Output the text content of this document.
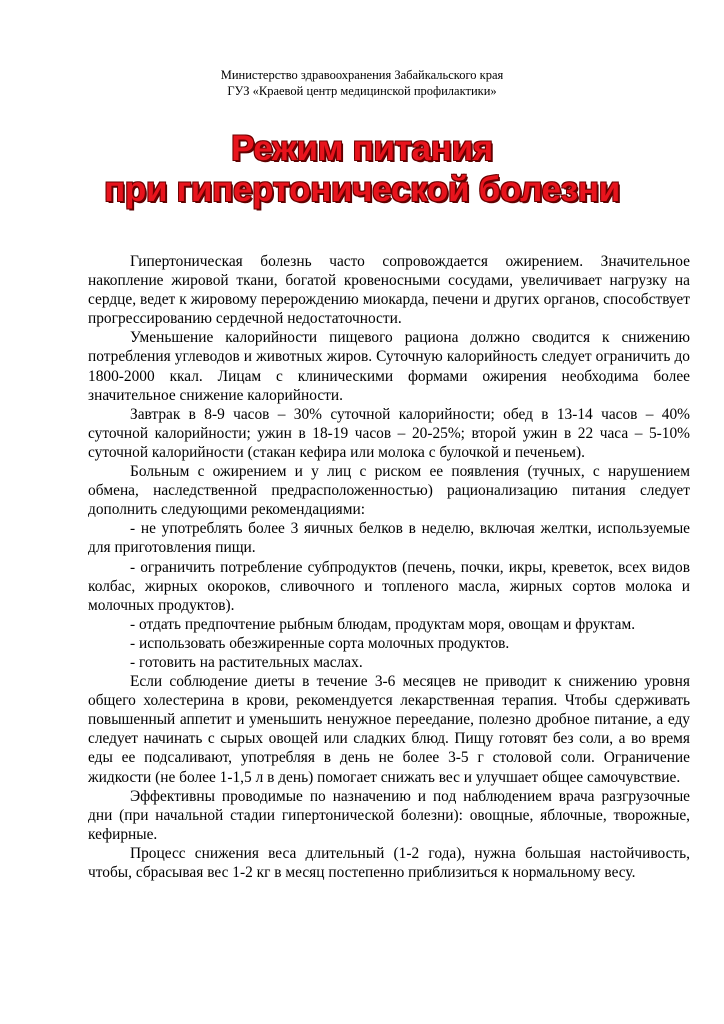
Министерство здравоохранения Забайкальского края
ГУЗ «Краевой центр медицинской профилактики»
Режим питания
при гипертонической болезни

Гипертоническая болезнь часто сопровождается ожирением. Значительное накопление жировой ткани, богатой кровеносными сосудами, увеличивает нагрузку на сердце, ведет к жировому перерождению миокарда, печени и других органов, способствует прогрессированию сердечной недостаточности.

Уменьшение калорийности пищевого рациона должно сводится к снижению потребления углеводов и животных жиров. Суточную калорийность следует ограничить до 1800-2000 ккал. Лицам с клиническими формами ожирения необходима более значительное снижение калорийности.

Завтрак в 8-9 часов – 30% суточной калорийности; обед в 13-14 часов – 40% суточной калорийности; ужин в 18-19 часов – 20-25%; второй ужин в 22 часа – 5-10% суточной калорийности (стакан кефира или молока с булочкой и печеньем).

Больным с ожирением и у лиц с риском ее появления (тучных, с нарушением обмена, наследственной предрасположенностью) рационализацию питания следует дополнить следующими рекомендациями:

- не употреблять более 3 яичных белков в неделю, включая желтки, используемые для приготовления пищи.

- ограничить потребление субпродуктов (печень, почки, икры, креветок, всех видов колбас, жирных окороков, сливочного и топленого масла, жирных сортов молока и молочных продуктов).

- отдать предпочтение рыбным блюдам, продуктам моря, овощам и фруктам.

- использовать обезжиренные сорта молочных продуктов.

- готовить на растительных маслах.

Если соблюдение диеты в течение 3-6 месяцев не приводит к снижению уровня общего холестерина в крови, рекомендуется лекарственная терапия. Чтобы сдерживать повышенный аппетит и уменьшить ненужное переедание, полезно дробное питание, а еду следует начинать с сырых овощей или сладких блюд. Пищу готовят без соли, а во время еды ее подсаливают, употребляя в день не более 3-5 г столовой соли. Ограничение жидкости (не более 1-1,5 л в день) помогает снижать вес и улучшает общее самочувствие.

Эффективны проводимые по назначению и под наблюдением врача разгрузочные дни (при начальной стадии гипертонической болезни): овощные, яблочные, творожные, кефирные.

Процесс снижения веса длительный (1-2 года), нужна большая настойчивость, чтобы, сбрасывая вес 1-2 кг в месяц постепенно приблизиться к нормальному весу.
